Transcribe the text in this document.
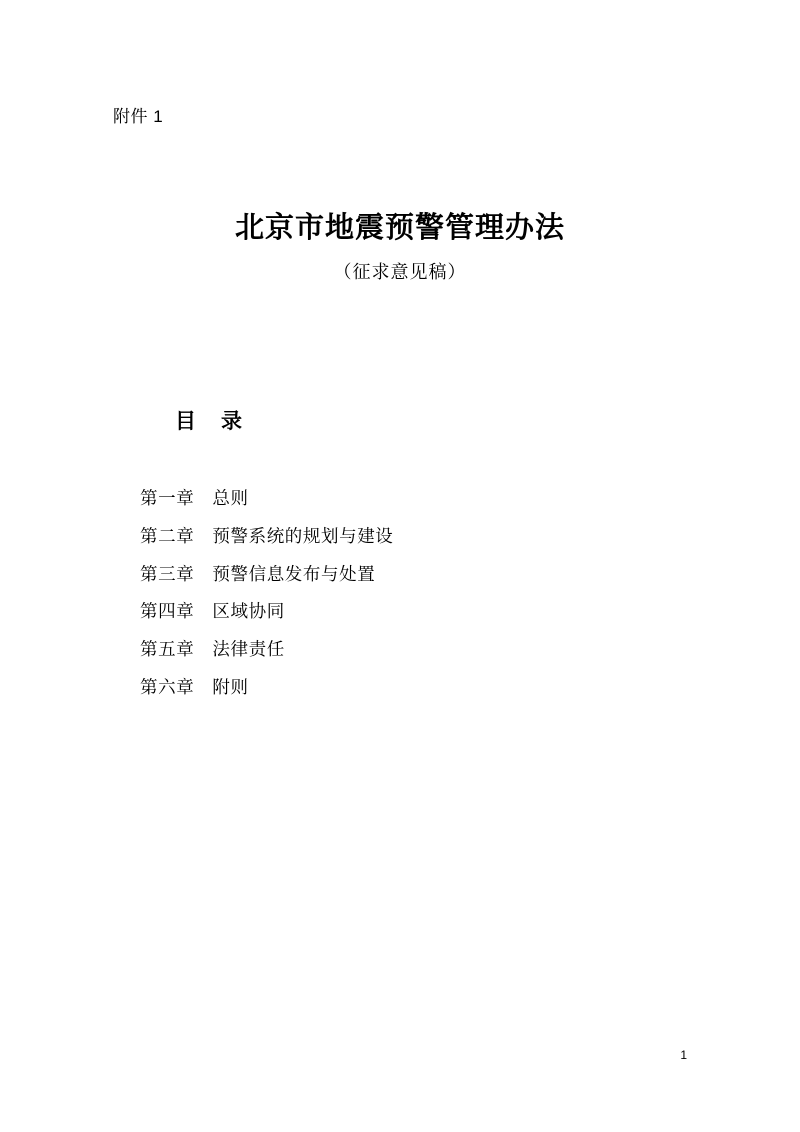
附件 1
北京市地震预警管理办法
（征求意见稿）
目　录
第一章　总则
第二章　预警系统的规划与建设
第三章　预警信息发布与处置
第四章　区域协同
第五章　法律责任
第六章　附则
1
